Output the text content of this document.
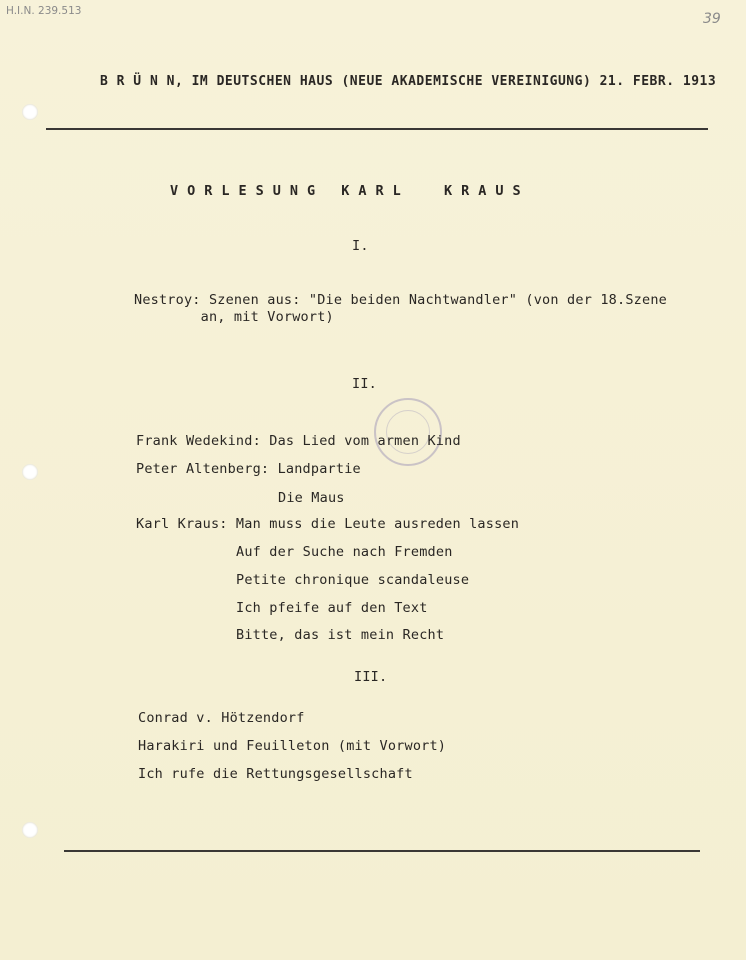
H.I.N. 239.513	39
B R Ü N N, IM DEUTSCHEN HAUS (NEUE AKADEMISCHE VEREINIGUNG) 21. FEBR. 1913
VORLESUNG KARL  KRAUS
I.
Nestroy: Szenen aus: "Die beiden Nachtwandler" (von der 18.Szene
an, mit Vorwort)
II.
Frank Wedekind: Das Lied vom armen Kind
Peter Altenberg: Landpartie
Die Maus
Karl Kraus: Man muss die Leute ausreden lassen
Auf der Suche nach Fremden
Petite chronique scandaleuse
Ich pfeife auf den Text
Bitte, das ist mein Recht
III.
Conrad v. Hötzendorf
Harakiri und Feuilleton (mit Vorwort)
Ich rufe die Rettungsgesellschaft
